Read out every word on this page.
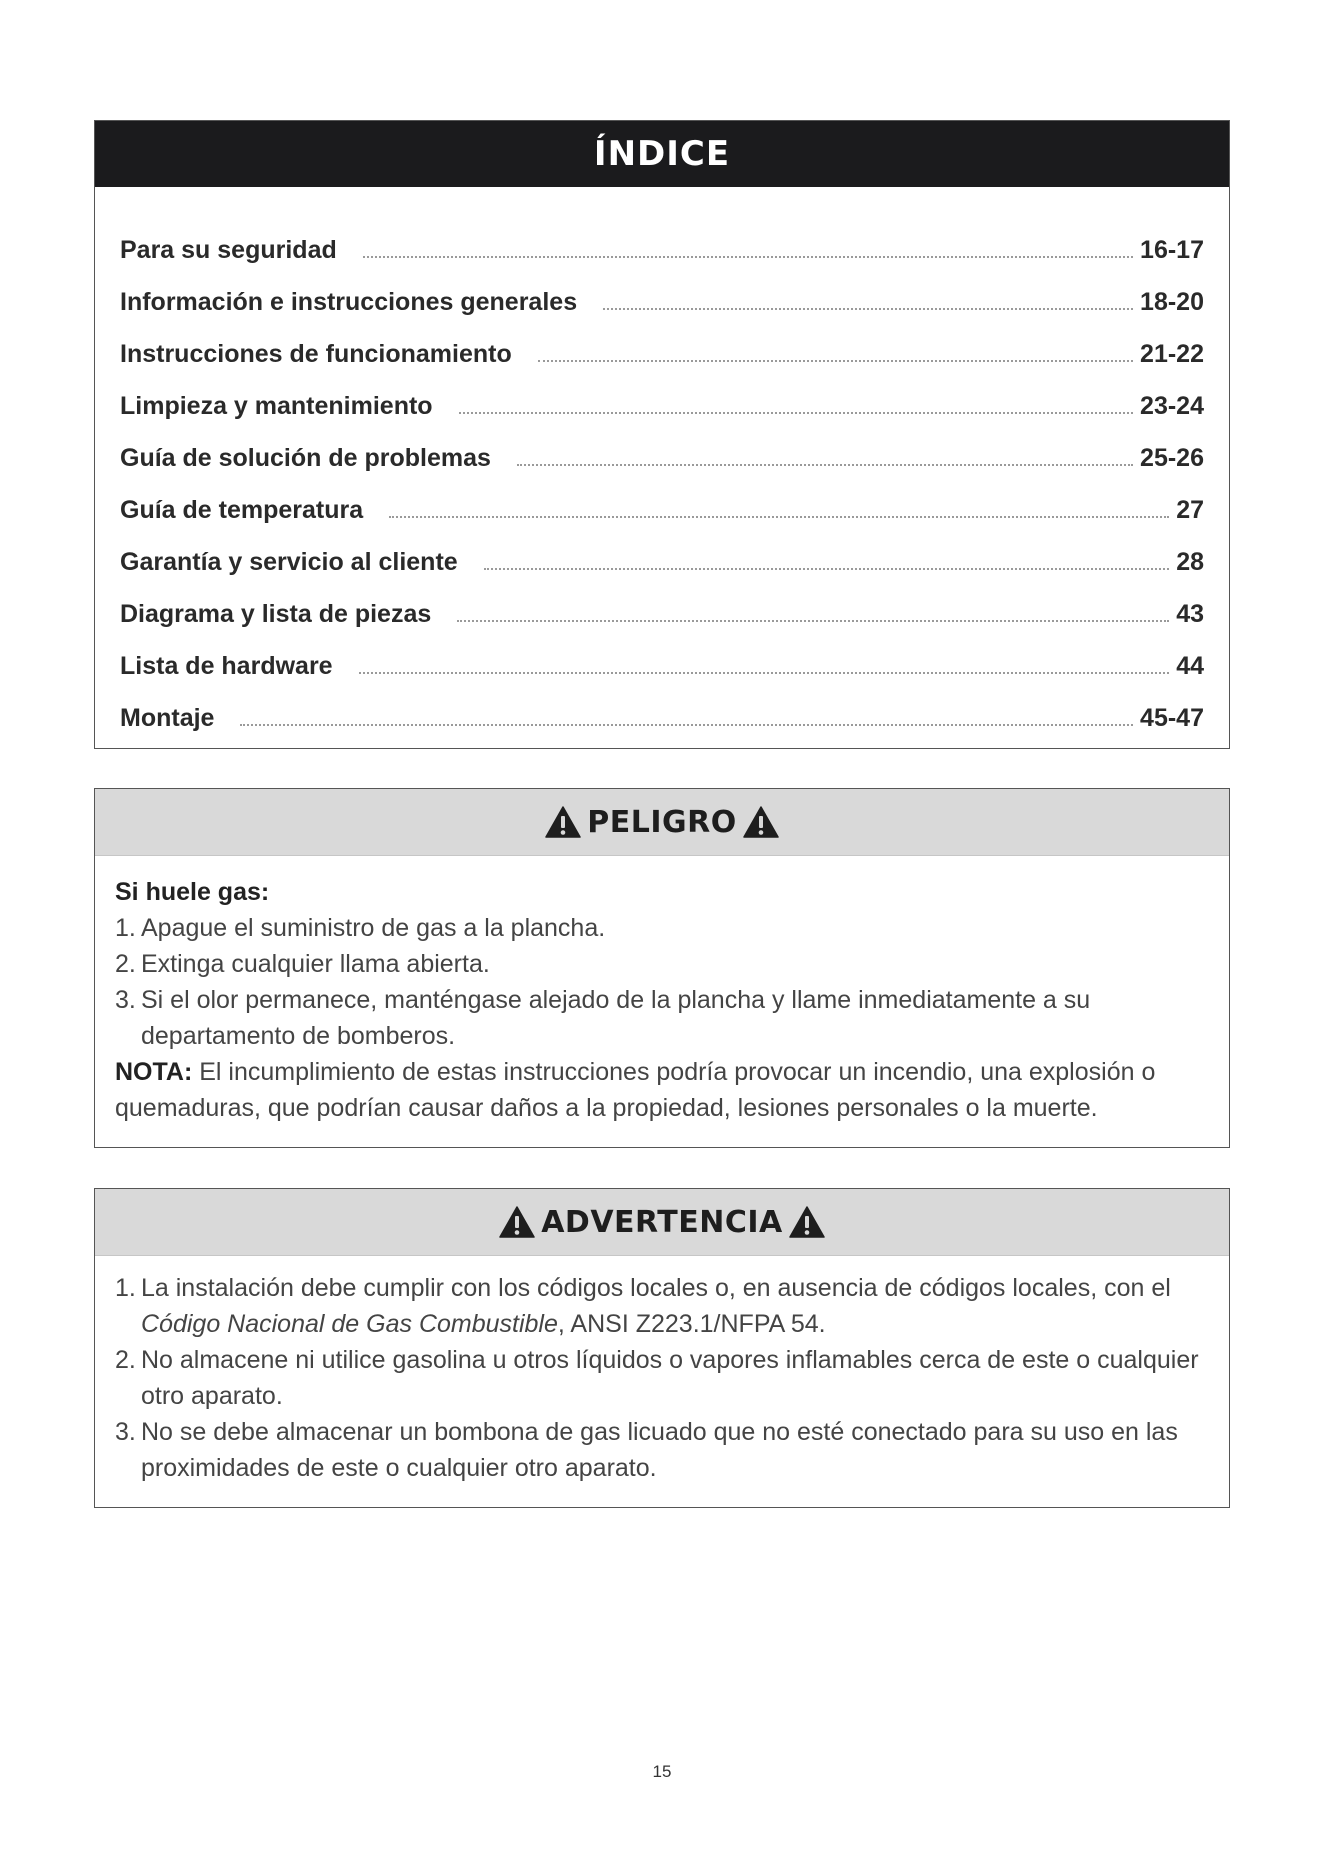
ÍNDICE
Para su seguridad	16-17
Información e instrucciones generales	18-20
Instrucciones de funcionamiento	21-22
Limpieza y mantenimiento	23-24
Guía de solución de problemas	25-26
Guía de temperatura	27
Garantía y servicio al cliente	28
Diagrama y lista de piezas	43
Lista de hardware	44
Montaje	45-47
PELIGRO
Si huele gas:
1. Apague el suministro de gas a la plancha.
2. Extinga cualquier llama abierta.
3. Si el olor permanece, manténgase alejado de la plancha y llame inmediatamente a su departamento de bomberos.
NOTA: El incumplimiento de estas instrucciones podría provocar un incendio, una explosión o quemaduras, que podrían causar daños a la propiedad, lesiones personales o la muerte.
ADVERTENCIA
1. La instalación debe cumplir con los códigos locales o, en ausencia de códigos locales, con el Código Nacional de Gas Combustible, ANSI Z223.1/NFPA 54.
2. No almacene ni utilice gasolina u otros líquidos o vapores inflamables cerca de este o cualquier otro aparato.
3. No se debe almacenar un bombona de gas licuado que no esté conectado para su uso en las proximidades de este o cualquier otro aparato.
15
